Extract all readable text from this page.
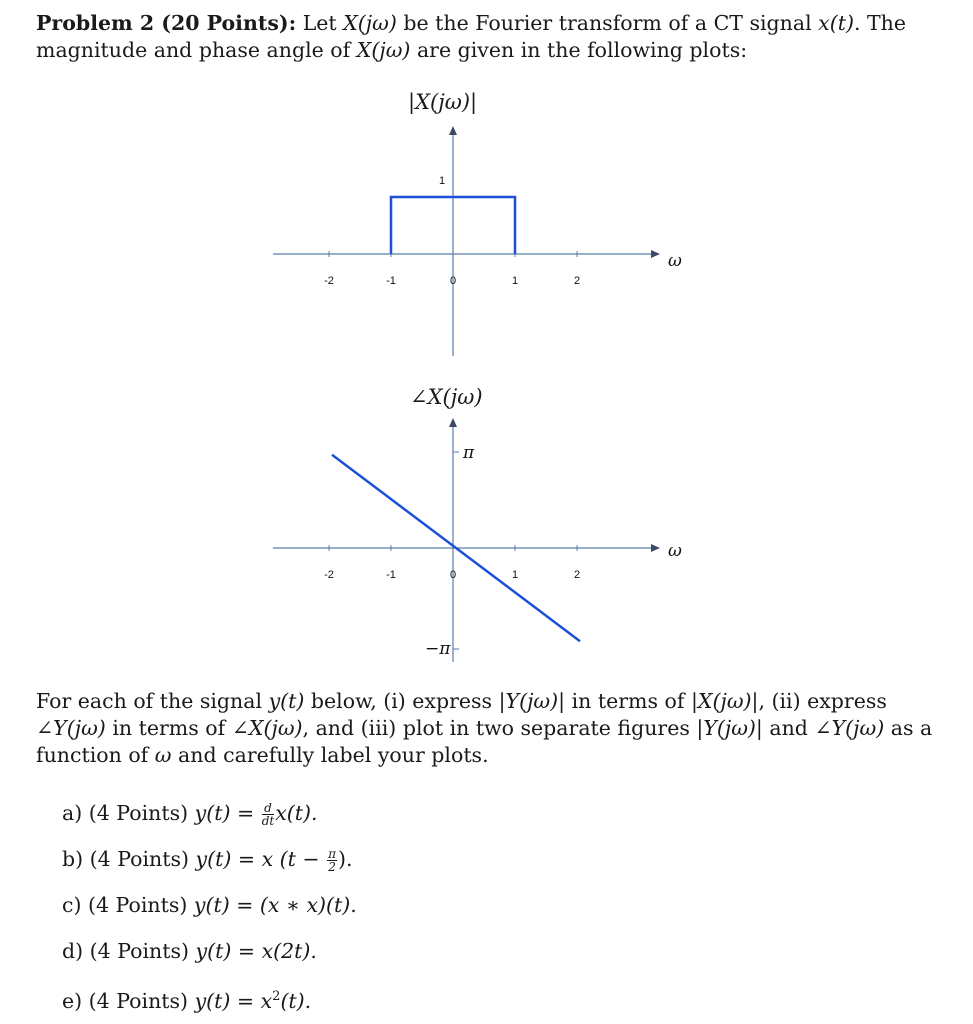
Problem 2 (20 Points): Let X(jω) be the Fourier transform of a CT signal x(t). The magnitude and phase angle of X(jω) are given in the following plots:
|X(jω)|
-2	-1	0	1	2
1
ω
∠X(jω)
-2	-1	0	1	2
π
−π
ω
For each of the signal y(t) below, (i) express |Y(jω)| in terms of |X(jω)|, (ii) express ∠Y(jω) in terms of ∠X(jω), and (iii) plot in two separate figures |Y(jω)| and ∠Y(jω) as a function of ω and carefully label your plots.
a) (4 Points) $y(t) = \frac{d}{dt} x(t)$.
b) (4 Points) y(t) = x ($t - \frac{\pi}{2}$ ).
c) (4 Points) y(t) = (x ∗ x)(t).
d) (4 Points) y(t) = x(2t).
e) (4 Points) $y(t) = x^2(t)$.
